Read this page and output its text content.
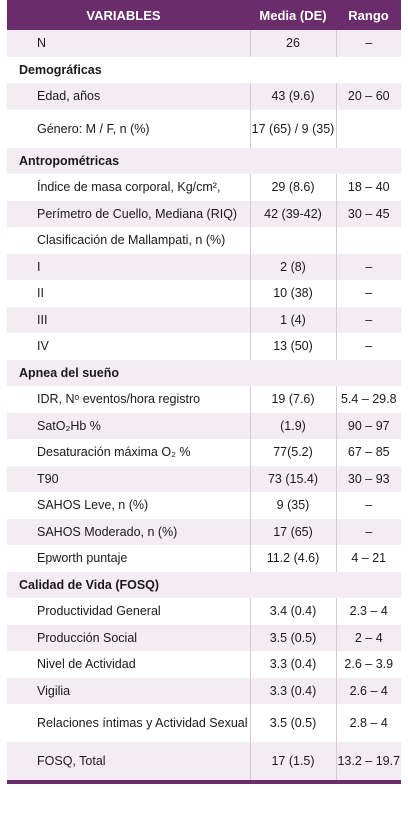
VARIABLES	Media (DE)	Rango
N	26	–
Demográficas		
Edad, años	43 (9.6)	20 – 60
Género: M / F, n (%)	17 (65) / 9 (35)	
Antropométricas		
Índice de masa corporal, Kg/cm²,	29 (8.6)	18 – 40
Perímetro de Cuello, Mediana (RIQ)	42 (39-42)	30 – 45
Clasificación de Mallampati, n (%)		
I	2 (8)	–
II	10 (38)	–
III	1 (4)	–
IV	13 (50)	–
Apnea del sueño		
IDR, Nᵒ eventos/hora registro	19 (7.6)	5.4 – 29.8
SatO₂Hb %	(1.9)	90 – 97
Desaturación máxima O₂ %	77(5.2)	67 – 85
T90	73 (15.4)	30 – 93
SAHOS Leve, n (%)	9 (35)	–
SAHOS Moderado, n (%)	17 (65)	–
Epworth puntaje	11.2 (4.6)	4 – 21
Calidad de Vida (FOSQ)		
Productividad General	3.4 (0.4)	2.3 – 4
Producción Social	3.5 (0.5)	2 – 4
Nivel de Actividad	3.3 (0.4)	2.6 – 3.9
Vigilia	3.3 (0.4)	2.6 – 4
Relaciones íntimas y Actividad Sexual	3.5 (0.5)	2.8 – 4
FOSQ, Total	17 (1.5)	13.2 – 19.7
